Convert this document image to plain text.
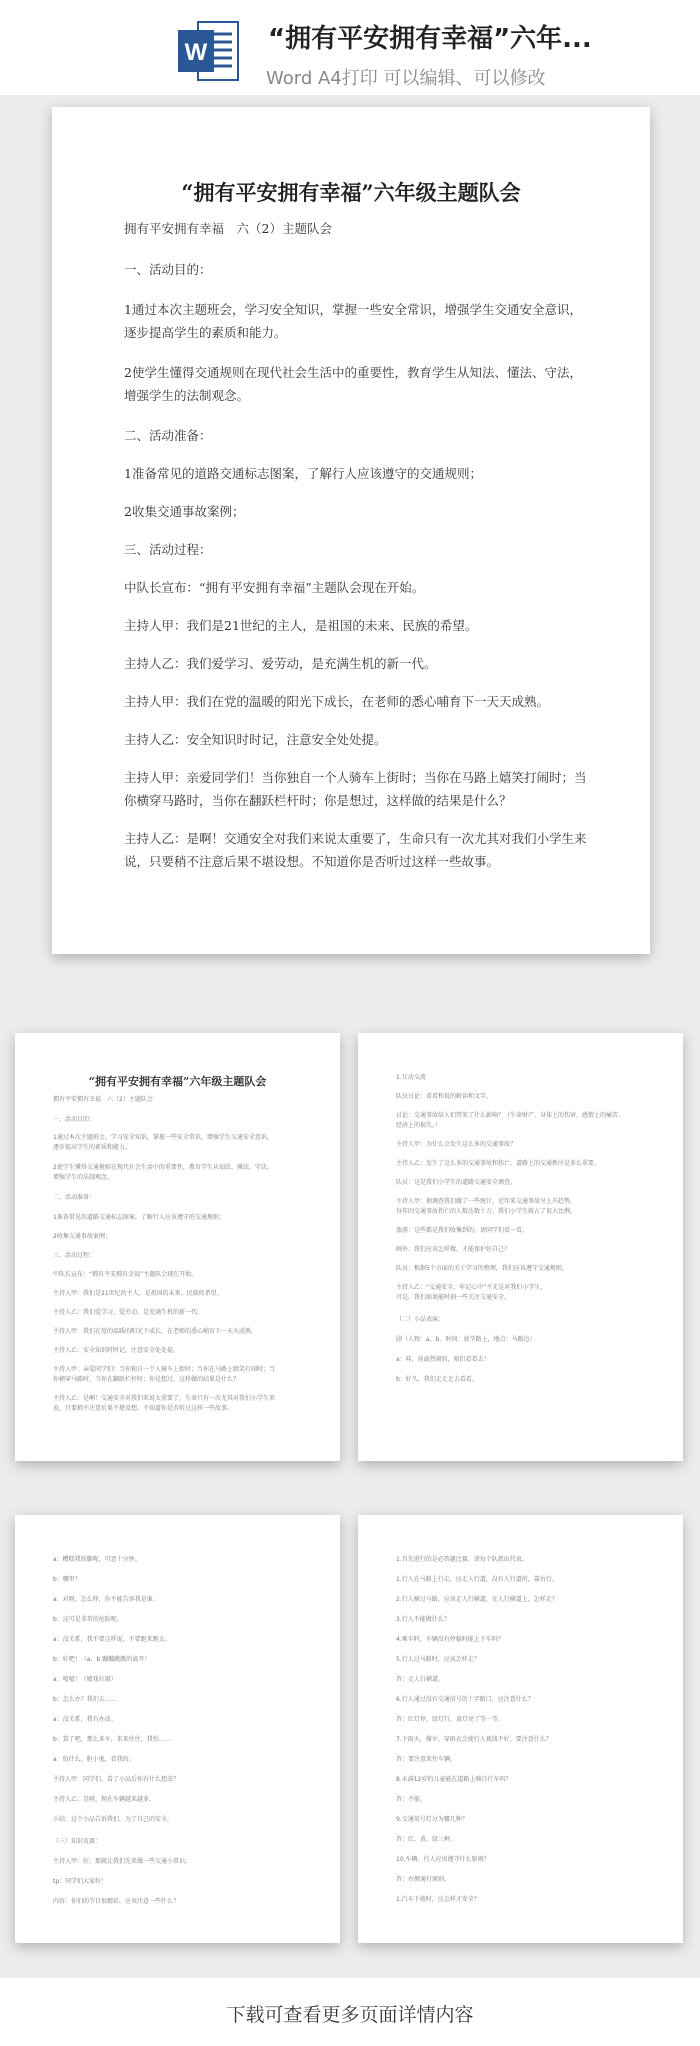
W “拥有平安拥有幸福”六年...
Word A4打印 可以编辑、可以修改
“拥有平安拥有幸福”六年级主题队会
拥有平安拥有幸福　六（2）主题队会
一、活动目的：
1通过本次主题班会，学习安全知识，掌握一些安全常识，增强学生交通安全意识，
逐步提高学生的素质和能力。
2使学生懂得交通规则在现代社会生活中的重要性，教育学生从知法、懂法、守法，
增强学生的法制观念。
二、活动准备：
1准备常见的道路交通标志图案，了解行人应该遵守的交通规则；
2收集交通事故案例；
三、活动过程：
中队长宣布：“拥有平安拥有幸福”主题队会现在开始。
主持人甲：我们是21世纪的主人，是祖国的未来、民族的希望。
主持人乙：我们爱学习、爱劳动，是充满生机的新一代。
主持人甲：我们在党的温暖的阳光下成长，在老师的悉心哺育下一天天成熟。
主持人乙：安全知识时时记，注意安全处处提。
主持人甲：亲爱同学们！当你独自一个人骑车上街时；当你在马路上嬉笑打闹时；当
你横穿马路时，当你在翻跃栏杆时；你是想过，这样做的结果是什么？
主持人乙：是啊！交通安全对我们来说太重要了，生命只有一次尤其对我们小学生来
说，只要稍不注意后果不堪设想。不知道你是否听过这样一些故事。
“拥有平安拥有幸福”六年级主题队会
拥有平安拥有幸福　六（2）主题队会
一、活动目的：
1通过本次主题班会，学习安全知识，掌握一些安全常识，增强学生交通安全意识，
逐步提高学生的素质和能力。
2使学生懂得交通规则在现代社会生活中的重要性，教育学生从知法、懂法、守法，
增强学生的法制观念。
二、活动准备：
1准备常见的道路交通标志图案，了解行人应该遵守的交通规则；
2收集交通事故案例；
三、活动过程：
中队长宣布：“拥有平安拥有幸福”主题队会现在开始。
主持人甲：我们是21世纪的主人，是祖国的未来、民族的希望。
主持人乙：我们爱学习、爱劳动，是充满生机的新一代。
主持人甲：我们在党的温暖的阳光下成长，在老师的悉心哺育下一天天成熟。
主持人乙：安全知识时时记，注意安全处处提。
主持人甲：亲爱同学们！当你独自一个人骑车上街时；当你在马路上嬉笑打闹时；当
你横穿马路时，当你在翻跃栏杆时；你是想过，这样做的结果是什么？
主持人乙：是啊！交通安全对我们来说太重要了，生命只有一次尤其对我们小学生来
说，只要稍不注意后果不堪设想。不知道你是否听过这样一些故事。
1.互动交流
队员讨论：看看和说的解读和文字。
讨论：交通事故给人们带来了什么影响？（生命财产、身体上的伤害、感情上的痛苦、
经济上的损失。）
主持人甲：为什么会发生这么多的交通事故？
主持人乙：发生了这么多的交通事故和伤亡，道路上的交通秩序是多么重要。
队员：这是我们小学生的道路交通安全调查。
主持人甲：据调查我们做了一些统计，近年来交通事故呈上升趋势，
每年因交通事故伤亡的人数达数十万。我们小学生就占了很大比例。
旅游：这些都是我们收集到的，请同学们看一看。
画外：我们应该怎样做，才能保护好自己？
队员：根据5个方面的关于学习的整理，我们应该遵守交通规则，
主持人乙：“交通安全，牢记心中”不光是对我们小学生，
可是，我们如果能时刻一些关注交通安全，
（二）小品表演：
剧（人物：a、b、时间：放学路上，地点：马路边）
a：哇，前面热闹的，咱们看看去！
b：好久，我们走走走去看看。
a：糟糕我的脚呢，可恶十分钟。
b：哪里？
a：对呀，怎么样，你不能告诉我是谁。
b：这可是非常的危险呢。
a：没关系，我不要这样说，不要跑来跑去。
b：好吧！（a、b 蹦蹦跳跳的离开）
a：嘻嘻！（嬉戏打闹）
b：怎么办？我们去……
a：没关系，我有办法。
b：算了吧，那么多车，来来往往，我怕……
a：怕什么，胆小鬼，看我的。
主持人甲：同学们，看了小品后你有什么想法？
主持人乙：是呀，现在车辆越来越多，
小结：这个小品告诉我们，为了自己的安全，
（三）知识竞赛：
主持人甲：好，那就让我们先来做一些交通小常识。
tp：同学们大家好！
内容：你们的节目很精彩，应该注意一些什么？
1.首先进行的是必答题比赛，请每个队派出代表。
1.行人在马路上行走，应走人行道，没有人行道的，靠右行。
2.行人横过马路，应该走人行横道，在人行横道上，怎样走？
3.行人不能做什么？
4.乘车时，车辆没有停稳时能上下车吗？
5.行人过马路时，应该怎样走？
答：走人行横道。
6.行人通过没有交通信号的十字路口，应注意什么？
答：红灯停，绿灯行，黄灯亮了等一等。
7.下雨天，撑伞、穿雨衣会使行人视线不好，要注意什么？
答：要注意来往车辆。
8.未满12岁的儿童能在道路上骑自行车吗？
答：不能。
9.交通信号灯分为哪几种？
答：红、黄、绿三种。
10.车辆、行人应该遵守什么原则？
答：右侧通行原则。
1.汽车下坡时，应怎样才安全？
下载可查看更多页面详情内容
